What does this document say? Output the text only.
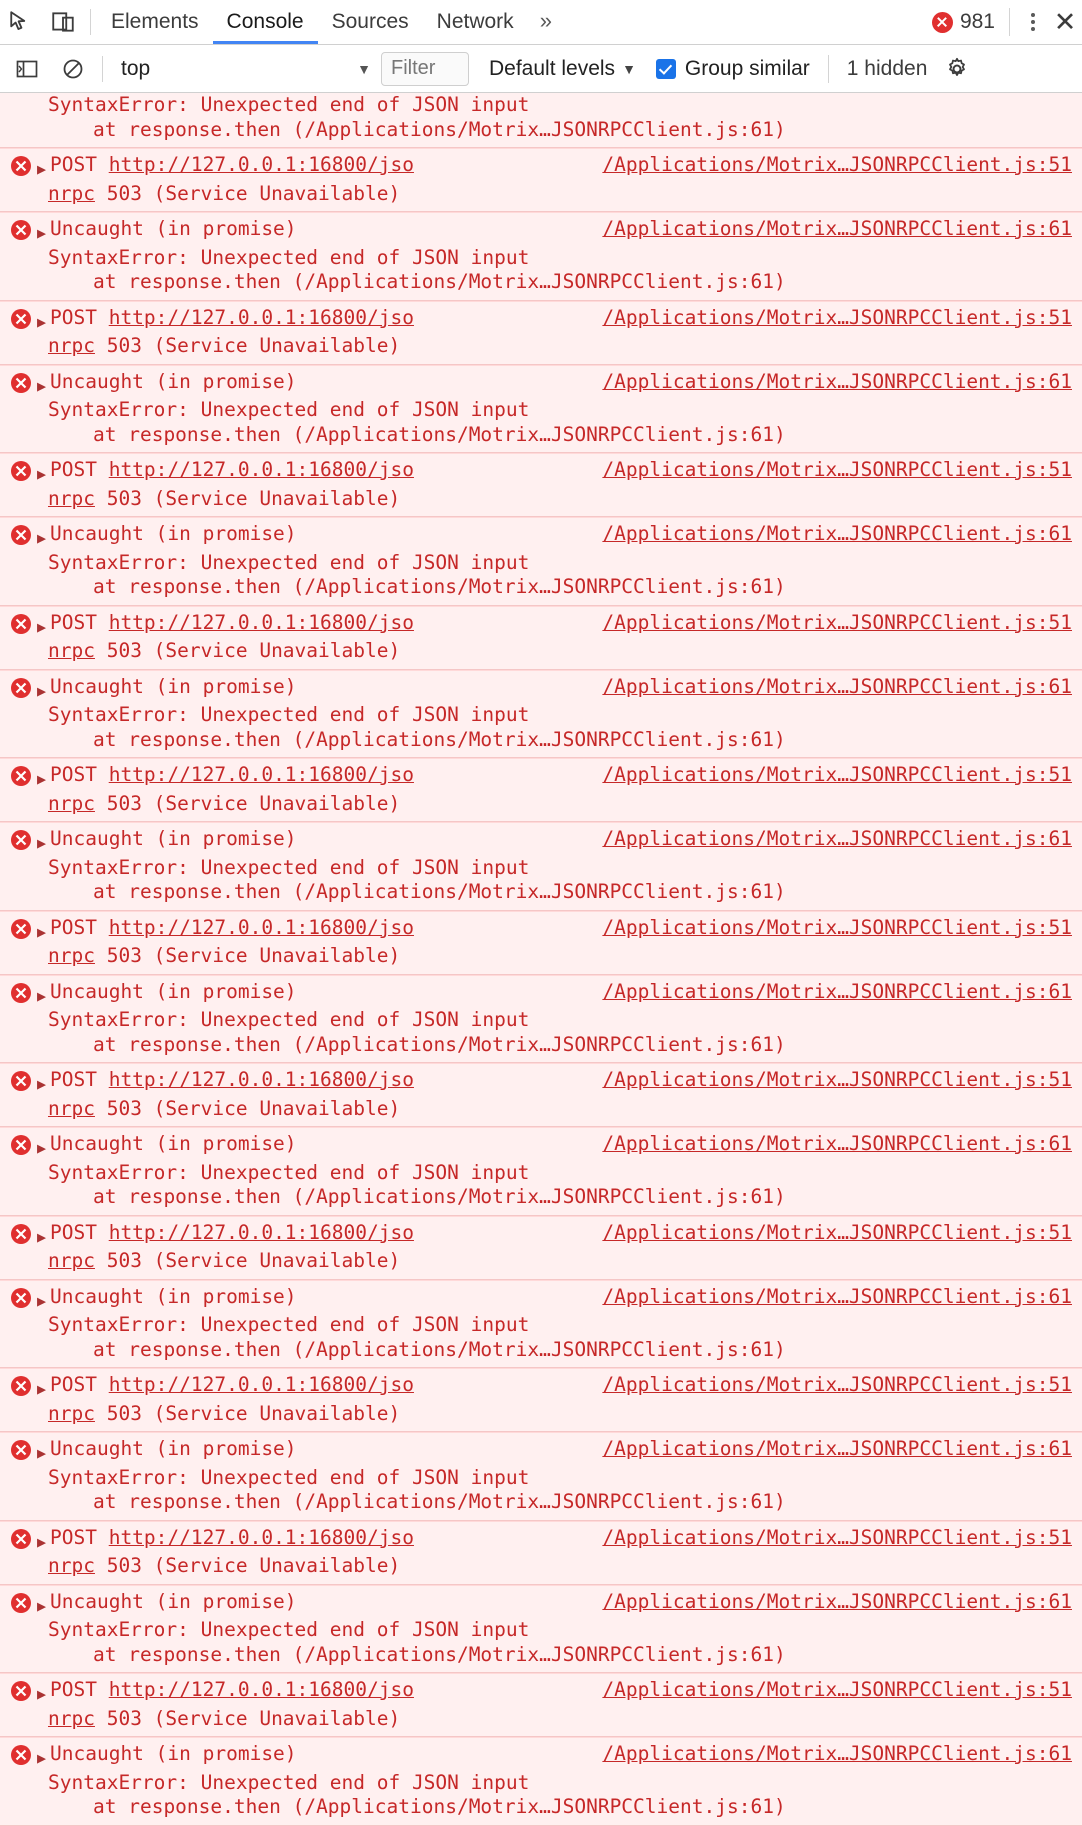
Elements	Console	Sources	Network	»	981 ✕
top	▼	Filter	Default levels ▼ Group similar	1 hidden
SyntaxError: Unexpected end of JSON input
at response.then (/Applications/Motrix…JSONRPCClient.js:61)
▶ POST http://127.0.0.1:16800/jso	/Applications/Motrix…JSONRPCClient.js:51
nrpc 503 (Service Unavailable)
▶ Uncaught (in promise)	/Applications/Motrix…JSONRPCClient.js:61
SyntaxError: Unexpected end of JSON input
at response.then (/Applications/Motrix…JSONRPCClient.js:61)
▶ POST http://127.0.0.1:16800/jso	/Applications/Motrix…JSONRPCClient.js:51
nrpc 503 (Service Unavailable)
▶ Uncaught (in promise)	/Applications/Motrix…JSONRPCClient.js:61
SyntaxError: Unexpected end of JSON input
at response.then (/Applications/Motrix…JSONRPCClient.js:61)
▶ POST http://127.0.0.1:16800/jso	/Applications/Motrix…JSONRPCClient.js:51
nrpc 503 (Service Unavailable)
▶ Uncaught (in promise)	/Applications/Motrix…JSONRPCClient.js:61
SyntaxError: Unexpected end of JSON input
at response.then (/Applications/Motrix…JSONRPCClient.js:61)
▶ POST http://127.0.0.1:16800/jso	/Applications/Motrix…JSONRPCClient.js:51
nrpc 503 (Service Unavailable)
▶ Uncaught (in promise)	/Applications/Motrix…JSONRPCClient.js:61
SyntaxError: Unexpected end of JSON input
at response.then (/Applications/Motrix…JSONRPCClient.js:61)
▶ POST http://127.0.0.1:16800/jso	/Applications/Motrix…JSONRPCClient.js:51
nrpc 503 (Service Unavailable)
▶ Uncaught (in promise)	/Applications/Motrix…JSONRPCClient.js:61
SyntaxError: Unexpected end of JSON input
at response.then (/Applications/Motrix…JSONRPCClient.js:61)
▶ POST http://127.0.0.1:16800/jso	/Applications/Motrix…JSONRPCClient.js:51
nrpc 503 (Service Unavailable)
▶ Uncaught (in promise)	/Applications/Motrix…JSONRPCClient.js:61
SyntaxError: Unexpected end of JSON input
at response.then (/Applications/Motrix…JSONRPCClient.js:61)
▶ POST http://127.0.0.1:16800/jso	/Applications/Motrix…JSONRPCClient.js:51
nrpc 503 (Service Unavailable)
▶ Uncaught (in promise)	/Applications/Motrix…JSONRPCClient.js:61
SyntaxError: Unexpected end of JSON input
at response.then (/Applications/Motrix…JSONRPCClient.js:61)
▶ POST http://127.0.0.1:16800/jso	/Applications/Motrix…JSONRPCClient.js:51
nrpc 503 (Service Unavailable)
▶ Uncaught (in promise)	/Applications/Motrix…JSONRPCClient.js:61
SyntaxError: Unexpected end of JSON input
at response.then (/Applications/Motrix…JSONRPCClient.js:61)
▶ POST http://127.0.0.1:16800/jso	/Applications/Motrix…JSONRPCClient.js:51
nrpc 503 (Service Unavailable)
▶ Uncaught (in promise)	/Applications/Motrix…JSONRPCClient.js:61
SyntaxError: Unexpected end of JSON input
at response.then (/Applications/Motrix…JSONRPCClient.js:61)
▶ POST http://127.0.0.1:16800/jso	/Applications/Motrix…JSONRPCClient.js:51
nrpc 503 (Service Unavailable)
▶ Uncaught (in promise)	/Applications/Motrix…JSONRPCClient.js:61
SyntaxError: Unexpected end of JSON input
at response.then (/Applications/Motrix…JSONRPCClient.js:61)
▶ POST http://127.0.0.1:16800/jso	/Applications/Motrix…JSONRPCClient.js:51
nrpc 503 (Service Unavailable)
▶ Uncaught (in promise)	/Applications/Motrix…JSONRPCClient.js:61
SyntaxError: Unexpected end of JSON input
at response.then (/Applications/Motrix…JSONRPCClient.js:61)
